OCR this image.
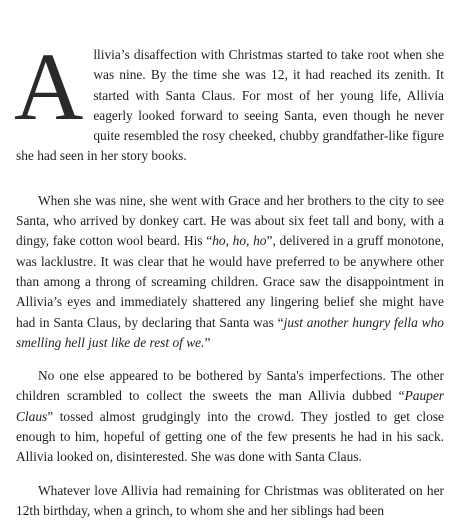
Allivia’s disaffection with Christmas started to take root when she was nine. By the time she was 12, it had reached its zenith. It started with Santa Claus. For most of her young life, Allivia eagerly looked forward to seeing Santa, even though he never quite resembled the rosy cheeked, chubby grandfather-like figure she had seen in her story books.

When she was nine, she went with Grace and her brothers to the city to see Santa, who arrived by donkey cart. He was about six feet tall and bony, with a dingy, fake cotton wool beard. His “ho, ho, ho”, delivered in a gruff monotone, was lacklustre. It was clear that he would have preferred to be anywhere other than among a throng of screaming children. Grace saw the disappointment in Allivia’s eyes and immediately shattered any lingering belief she might have had in Santa Claus, by declaring that Santa was “just another hungry fella who smelling hell just like de rest of we.”

No one else appeared to be bothered by Santa's imperfections. The other children scrambled to collect the sweets the man Allivia dubbed “Pauper Claus” tossed almost grudgingly into the crowd. They jostled to get close enough to him, hopeful of getting one of the few presents he had in his sack. Allivia looked on, disinterested. She was done with Santa Claus.

Whatever love Allivia had remaining for Christmas was obliterated on her 12th birthday, when a grinch, to whom she and her siblings had been
